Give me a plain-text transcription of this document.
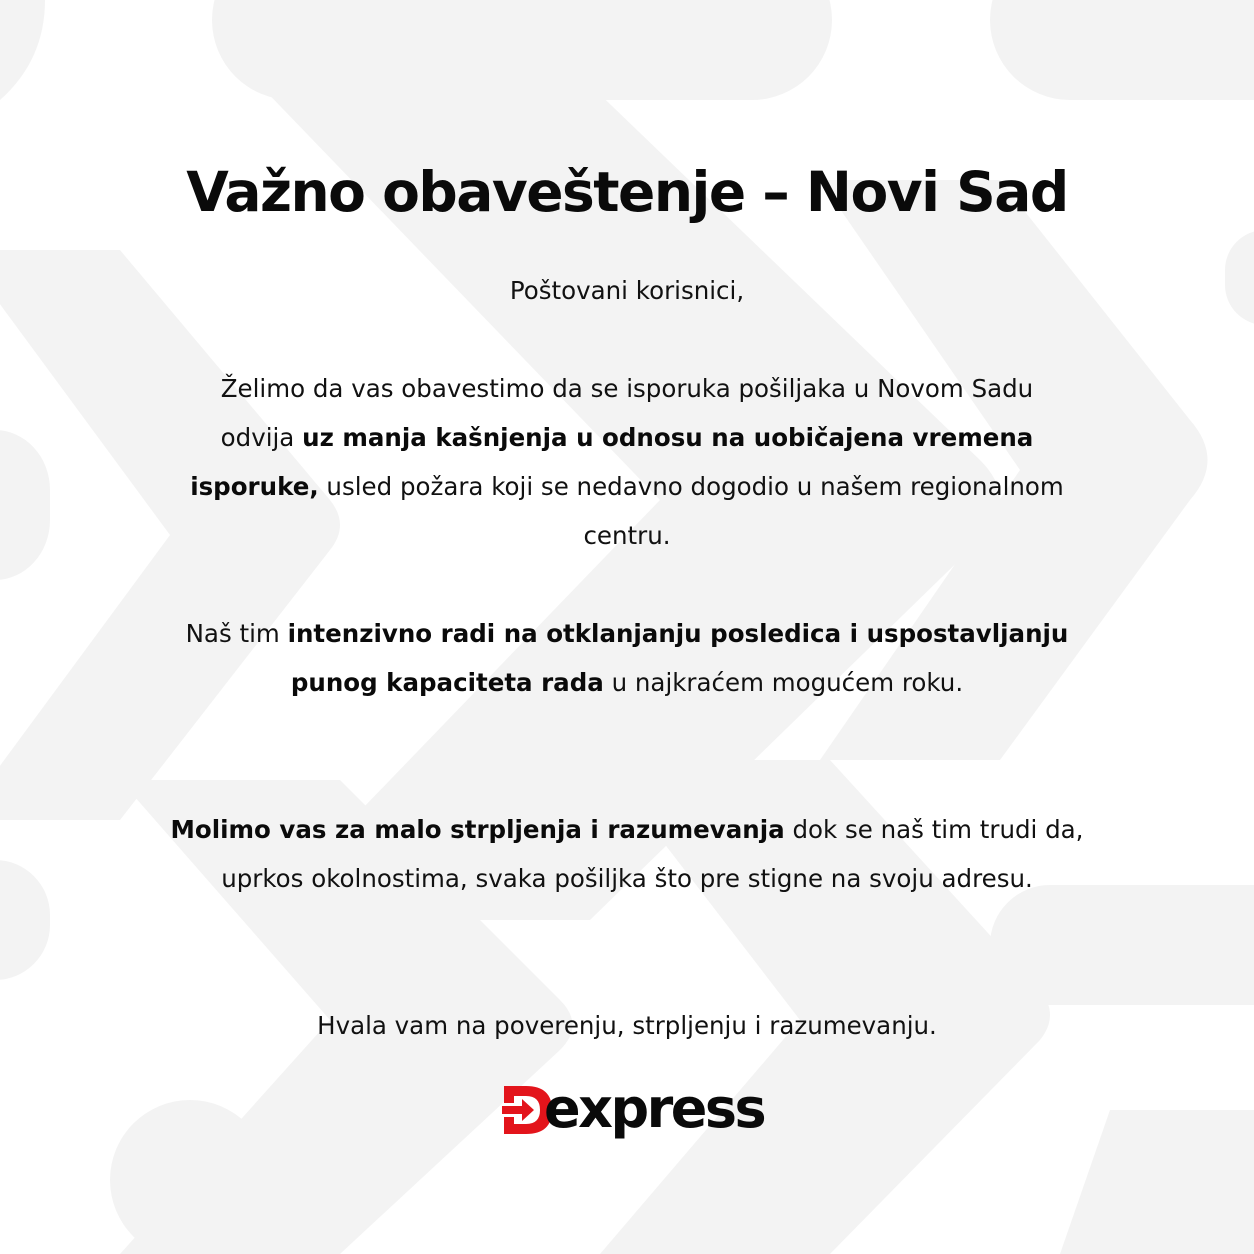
Važno obaveštenje – Novi Sad

Poštovani korisnici,

Želimo da vas obavestimo da se isporuka pošiljaka u Novom Sadu odvija uz manja kašnjenja u odnosu na uobičajena vremena isporuke, usled požara koji se nedavno dogodio u našem regionalnom centru.

Naš tim intenzivno radi na otklanjanju posledica i uspostavljanju punog kapaciteta rada u najkraćem mogućem roku.

Molimo vas za malo strpljenja i razumevanja dok se naš tim trudi da, uprkos okolnostima, svaka pošiljka što pre stigne na svoju adresu.

Hvala vam na poverenju, strpljenju i razumevanju.

express
